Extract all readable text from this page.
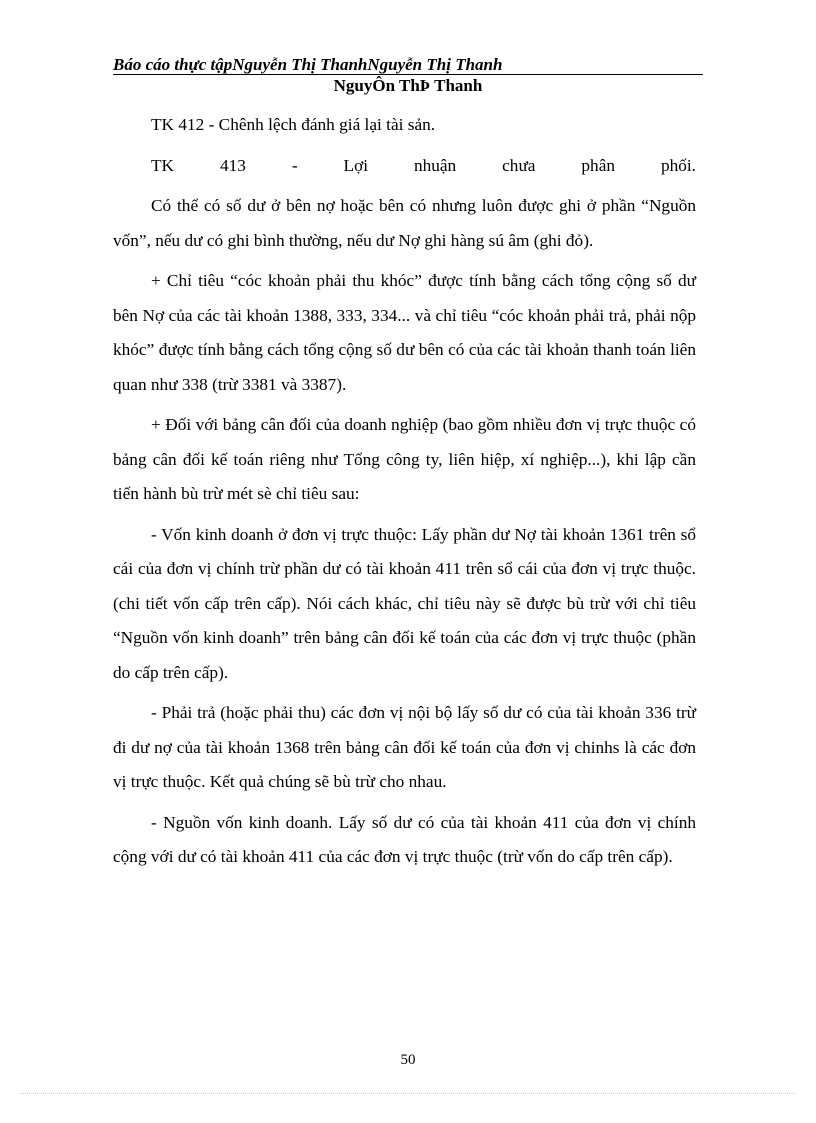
Báo cáo thực tậpNguyễn Thị ThanhNguyễn Thị Thanh
NguyÔn ThÞ Thanh

TK 412 - Chênh lệch đánh giá lại tài sản.

TK 413 - Lợi nhuận chưa phân phối.

Có thể có số dư ở bên nợ hoặc bên có nhưng luôn được ghi ở phần “Nguồn vốn”, nếu dư có ghi bình thường, nếu dư Nợ ghi hàng sú âm (ghi đỏ).

+ Chỉ tiêu “cóc khoản phải thu khóc” được tính bằng cách tổng cộng số dư bên Nợ của các tài khoản 1388, 333, 334... và chỉ tiêu “cóc khoản phải trả, phải nộp khóc” được tính bằng cách tổng cộng số dư bên có của các tài khoản thanh toán liên quan như 338 (trừ 3381 và 3387).

+ Đối với bảng cân đối của doanh nghiệp (bao gồm nhiều đơn vị trực thuộc có bảng cân đối kế toán riêng như Tổng công ty, liên hiệp, xí nghiệp...), khi lập cần tiến hành bù trừ mét sè chỉ tiêu sau:

- Vốn kinh doanh ở đơn vị trực thuộc: Lấy phần dư Nợ tài khoản 1361 trên sổ cái của đơn vị chính trừ phần dư có tài khoản 411 trên sổ cái của đơn vị trực thuộc. (chi tiết vốn cấp trên cấp). Nói cách khác, chỉ tiêu này sẽ được bù trừ với chỉ tiêu “Nguồn vốn kinh doanh” trên bảng cân đối kế toán của các đơn vị trực thuộc (phần do cấp trên cấp).

- Phải trả (hoặc phải thu) các đơn vị nội bộ lấy số dư có của tài khoản 336 trừ đi dư nợ của tài khoản 1368 trên bảng cân đối kế toán của đơn vị chinhs là các đơn vị trực thuộc. Kết quả chúng sẽ bù trừ cho nhau.

- Nguồn vốn kinh doanh. Lấy số dư có của tài khoản 411 của đơn vị chính cộng với dư có tài khoản 411 của các đơn vị trực thuộc (trừ vốn do cấp trên cấp).

50
